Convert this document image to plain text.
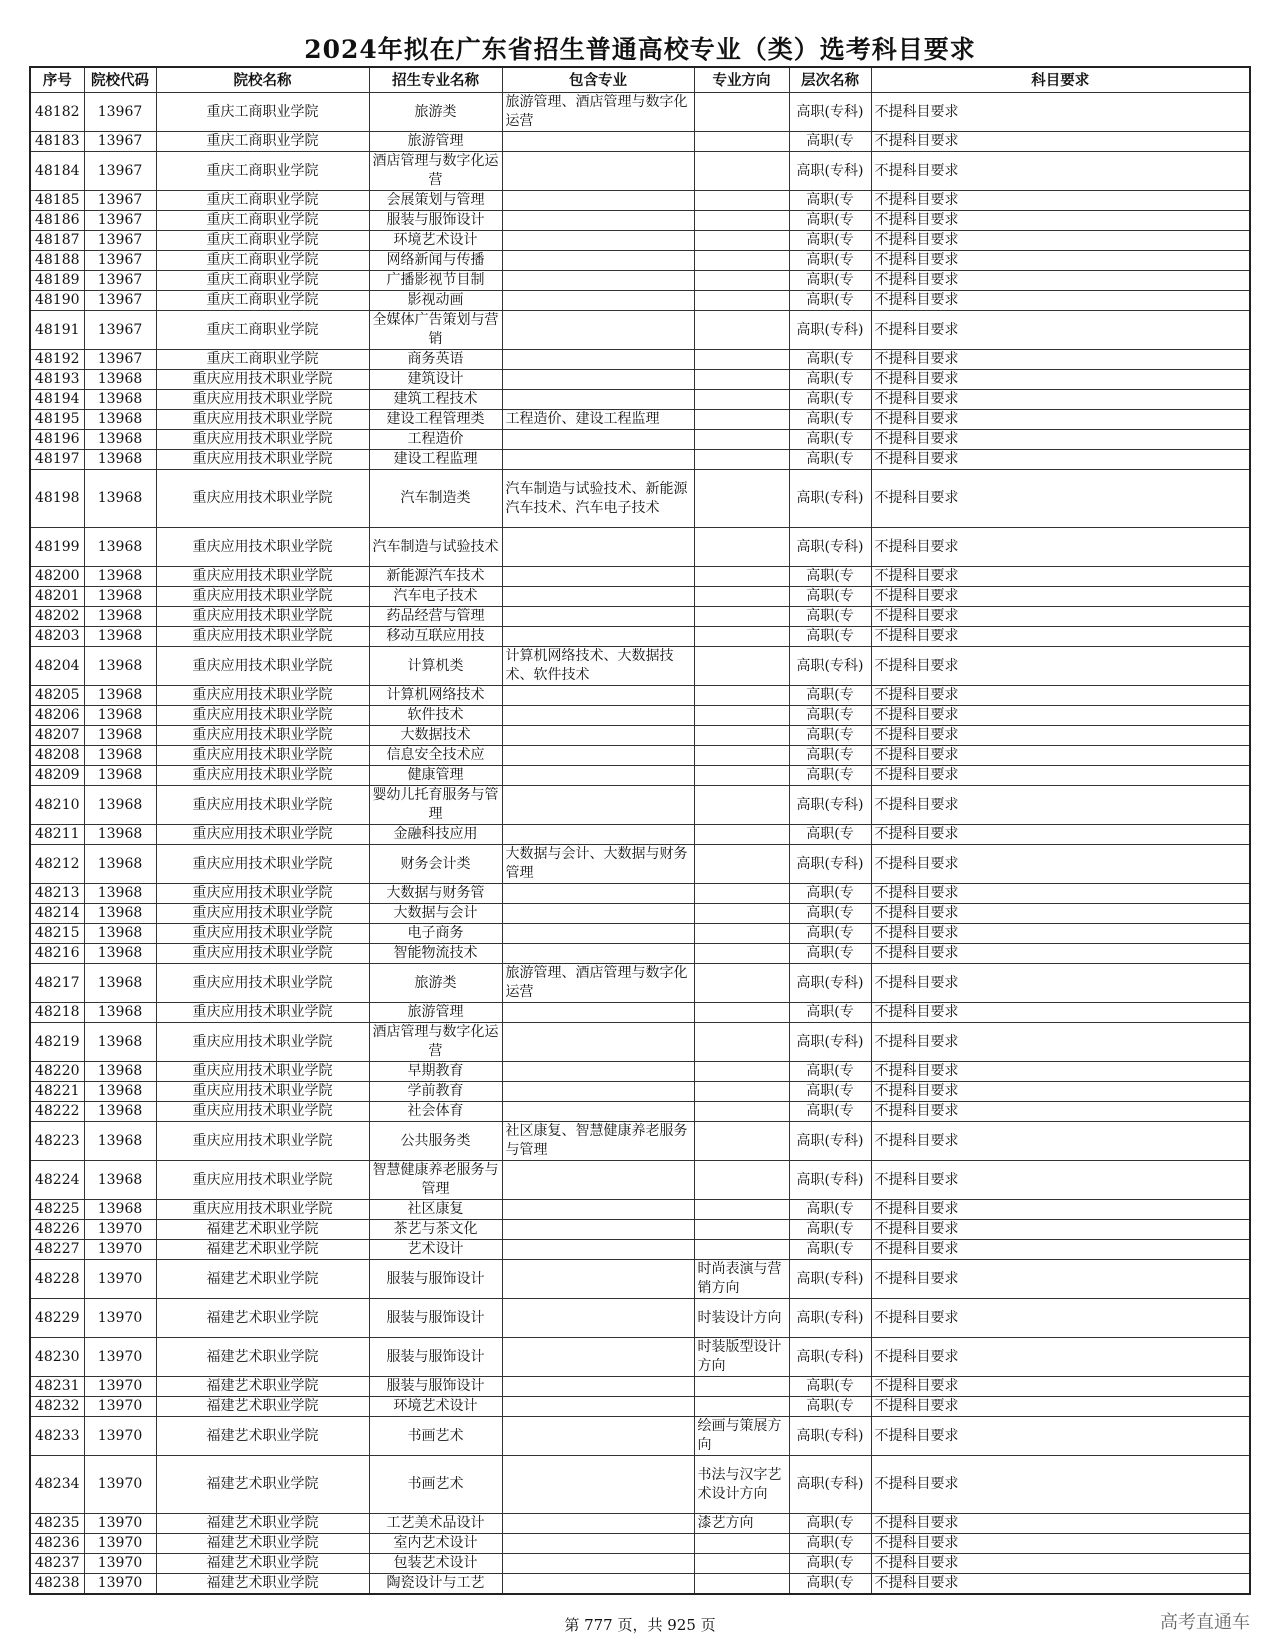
2024年拟在广东省招生普通高校专业（类）选考科目要求
序号	院校代码	院校名称	招生专业名称	包含专业	专业方向	层次名称	科目要求
48182	13967	重庆工商职业学院	旅游类	旅游管理、酒店管理与数字化运营		高职(专科)	不提科目要求
48183	13967	重庆工商职业学院	旅游管理			高职(专	不提科目要求
48184	13967	重庆工商职业学院	酒店管理与数字化运营			高职(专科)	不提科目要求
48185	13967	重庆工商职业学院	会展策划与管理			高职(专	不提科目要求
48186	13967	重庆工商职业学院	服装与服饰设计			高职(专	不提科目要求
48187	13967	重庆工商职业学院	环境艺术设计			高职(专	不提科目要求
48188	13967	重庆工商职业学院	网络新闻与传播			高职(专	不提科目要求
48189	13967	重庆工商职业学院	广播影视节目制			高职(专	不提科目要求
48190	13967	重庆工商职业学院	影视动画			高职(专	不提科目要求
48191	13967	重庆工商职业学院	全媒体广告策划与营销			高职(专科)	不提科目要求
48192	13967	重庆工商职业学院	商务英语			高职(专	不提科目要求
48193	13968	重庆应用技术职业学院	建筑设计			高职(专	不提科目要求
48194	13968	重庆应用技术职业学院	建筑工程技术			高职(专	不提科目要求
48195	13968	重庆应用技术职业学院	建设工程管理类	工程造价、建设工程监理		高职(专	不提科目要求
48196	13968	重庆应用技术职业学院	工程造价			高职(专	不提科目要求
48197	13968	重庆应用技术职业学院	建设工程监理			高职(专	不提科目要求
48198	13968	重庆应用技术职业学院	汽车制造类	汽车制造与试验技术、新能源汽车技术、汽车电子技术		高职(专科)	不提科目要求
48199	13968	重庆应用技术职业学院	汽车制造与试验技术			高职(专科)	不提科目要求
48200	13968	重庆应用技术职业学院	新能源汽车技术			高职(专	不提科目要求
48201	13968	重庆应用技术职业学院	汽车电子技术			高职(专	不提科目要求
48202	13968	重庆应用技术职业学院	药品经营与管理			高职(专	不提科目要求
48203	13968	重庆应用技术职业学院	移动互联应用技			高职(专	不提科目要求
48204	13968	重庆应用技术职业学院	计算机类	计算机网络技术、大数据技术、软件技术		高职(专科)	不提科目要求
48205	13968	重庆应用技术职业学院	计算机网络技术			高职(专	不提科目要求
48206	13968	重庆应用技术职业学院	软件技术			高职(专	不提科目要求
48207	13968	重庆应用技术职业学院	大数据技术			高职(专	不提科目要求
48208	13968	重庆应用技术职业学院	信息安全技术应			高职(专	不提科目要求
48209	13968	重庆应用技术职业学院	健康管理			高职(专	不提科目要求
48210	13968	重庆应用技术职业学院	婴幼儿托育服务与管理			高职(专科)	不提科目要求
48211	13968	重庆应用技术职业学院	金融科技应用			高职(专	不提科目要求
48212	13968	重庆应用技术职业学院	财务会计类	大数据与会计、大数据与财务管理		高职(专科)	不提科目要求
48213	13968	重庆应用技术职业学院	大数据与财务管			高职(专	不提科目要求
48214	13968	重庆应用技术职业学院	大数据与会计			高职(专	不提科目要求
48215	13968	重庆应用技术职业学院	电子商务			高职(专	不提科目要求
48216	13968	重庆应用技术职业学院	智能物流技术			高职(专	不提科目要求
48217	13968	重庆应用技术职业学院	旅游类	旅游管理、酒店管理与数字化运营		高职(专科)	不提科目要求
48218	13968	重庆应用技术职业学院	旅游管理			高职(专	不提科目要求
48219	13968	重庆应用技术职业学院	酒店管理与数字化运营			高职(专科)	不提科目要求
48220	13968	重庆应用技术职业学院	早期教育			高职(专	不提科目要求
48221	13968	重庆应用技术职业学院	学前教育			高职(专	不提科目要求
48222	13968	重庆应用技术职业学院	社会体育			高职(专	不提科目要求
48223	13968	重庆应用技术职业学院	公共服务类	社区康复、智慧健康养老服务与管理		高职(专科)	不提科目要求
48224	13968	重庆应用技术职业学院	智慧健康养老服务与管理			高职(专科)	不提科目要求
48225	13968	重庆应用技术职业学院	社区康复			高职(专	不提科目要求
48226	13970	福建艺术职业学院	茶艺与茶文化			高职(专	不提科目要求
48227	13970	福建艺术职业学院	艺术设计			高职(专	不提科目要求
48228	13970	福建艺术职业学院	服装与服饰设计		时尚表演与营销方向	高职(专科)	不提科目要求
48229	13970	福建艺术职业学院	服装与服饰设计		时装设计方向	高职(专科)	不提科目要求
48230	13970	福建艺术职业学院	服装与服饰设计		时装版型设计方向	高职(专科)	不提科目要求
48231	13970	福建艺术职业学院	服装与服饰设计			高职(专	不提科目要求
48232	13970	福建艺术职业学院	环境艺术设计			高职(专	不提科目要求
48233	13970	福建艺术职业学院	书画艺术		绘画与策展方向	高职(专科)	不提科目要求
48234	13970	福建艺术职业学院	书画艺术		书法与汉字艺术设计方向	高职(专科)	不提科目要求
48235	13970	福建艺术职业学院	工艺美术品设计		漆艺方向	高职(专	不提科目要求
48236	13970	福建艺术职业学院	室内艺术设计			高职(专	不提科目要求
48237	13970	福建艺术职业学院	包装艺术设计			高职(专	不提科目要求
48238	13970	福建艺术职业学院	陶瓷设计与工艺			高职(专	不提科目要求
第 777 页，共 925 页	高考直通车
